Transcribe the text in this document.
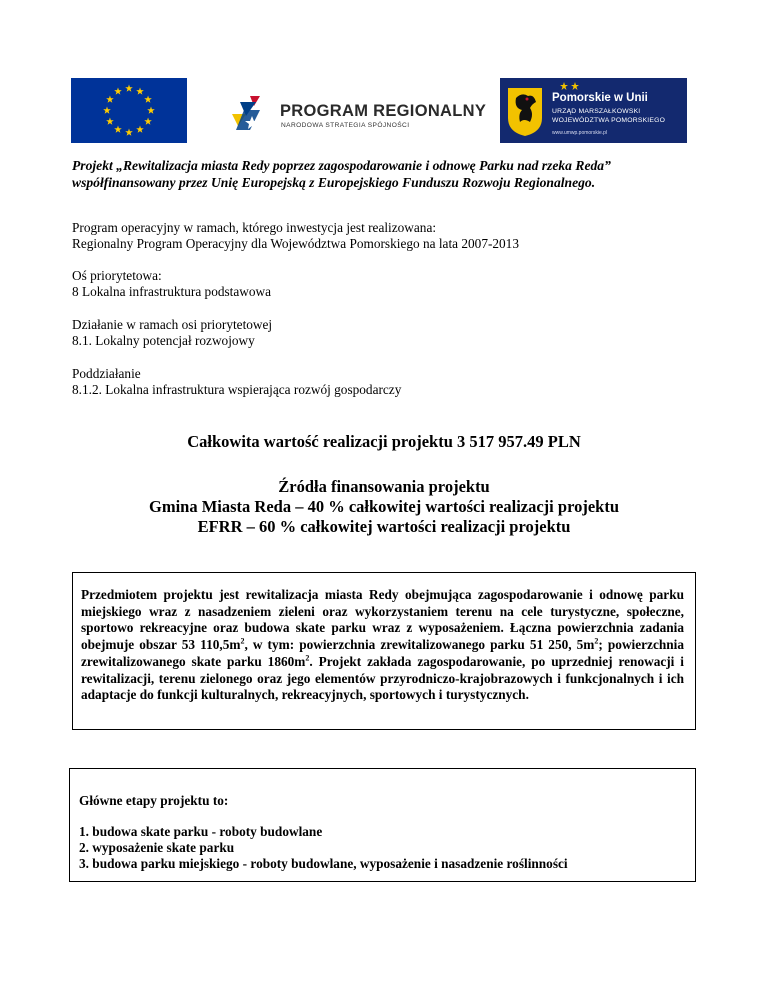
PROGRAM REGIONALNY
NARODOWA STRATEGIA SPÓJNOŚCI
Pomorskie w Unii
URZĄD MARSZAŁKOWSKI
WOJEWÓDZTWA POMORSKIEGO
www.umwp.pomorskie.pl
Projekt „Rewitalizacja miasta Redy poprzez zagospodarowanie i odnowę Parku nad rzeka Reda”
współfinansowany przez Unię Europejską z Europejskiego Funduszu Rozwoju Regionalnego.
Program operacyjny w ramach, którego inwestycja jest realizowana:
Regionalny Program Operacyjny dla Województwa Pomorskiego na lata 2007-2013
Oś priorytetowa:
8 Lokalna infrastruktura podstawowa
Działanie w ramach osi priorytetowej
8.1. Lokalny potencjał rozwojowy
Poddziałanie
8.1.2. Lokalna infrastruktura wspierająca rozwój gospodarczy
Całkowita wartość realizacji projektu 3 517 957.49 PLN
Źródła finansowania projektu
Gmina Miasta Reda – 40 % całkowitej wartości realizacji projektu
EFRR – 60 % całkowitej wartości realizacji projektu
Przedmiotem projektu jest rewitalizacja miasta Redy obejmująca zagospodarowanie i odnowę parku miejskiego wraz z nasadzeniem zieleni oraz wykorzystaniem terenu na cele turystyczne, społeczne, sportowo rekreacyjne oraz budowa skate parku wraz z wyposażeniem. Łączna powierzchnia zadania obejmuje obszar 53 $110,5m^2$, w tym: powierzchnia zrewitalizowanego parku 51 250, $5m^2$; powierzchnia zrewitalizowanego skate parku $1860m^2$. Projekt zakłada zagospodarowanie, po uprzedniej renowacji i rewitalizacji, terenu zielonego oraz jego elementów przyrodniczo-krajobrazowych i funkcjonalnych i ich adaptacje do funkcji kulturalnych, rekreacyjnych, sportowych i turystycznych.
Główne etapy projektu to:
1. budowa skate parku - roboty budowlane
2. wyposażenie skate parku
3. budowa parku miejskiego - roboty budowlane, wyposażenie i nasadzenie roślinności
